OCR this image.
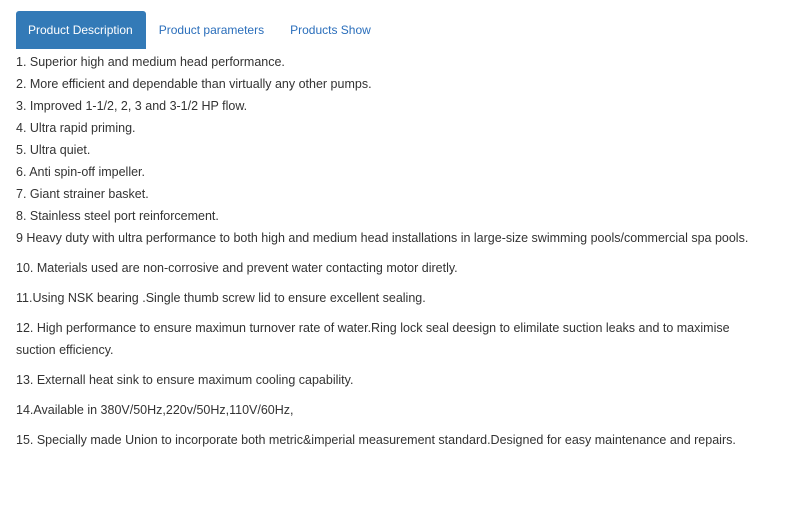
Product Description	Product parameters	Products Show

1. Superior high and medium head performance.

2. More efficient and dependable than virtually any other pumps.

3. Improved 1-1/2, 2, 3 and 3-1/2 HP flow.

4. Ultra rapid priming.

5. Ultra quiet.

6. Anti spin-off impeller.

7. Giant strainer basket.

8. Stainless steel port reinforcement.

9 Heavy duty with ultra performance to both high and medium head installations in large-size swimming pools/commercial spa pools.

10. Materials used are non-corrosive and prevent water contacting motor diretly.

11.Using NSK bearing .Single thumb screw lid to ensure excellent sealing.

12. High performance to ensure maximun turnover rate of water.Ring lock seal deesign to elimilate suction leaks and to maximise suction efficiency.

13. Externall heat sink to ensure maximum cooling capability.

14.Available in 380V/50Hz,220v/50Hz,110V/60Hz,

15. Specially made Union to incorporate both metric&imperial measurement standard.Designed for easy maintenance and repairs.
